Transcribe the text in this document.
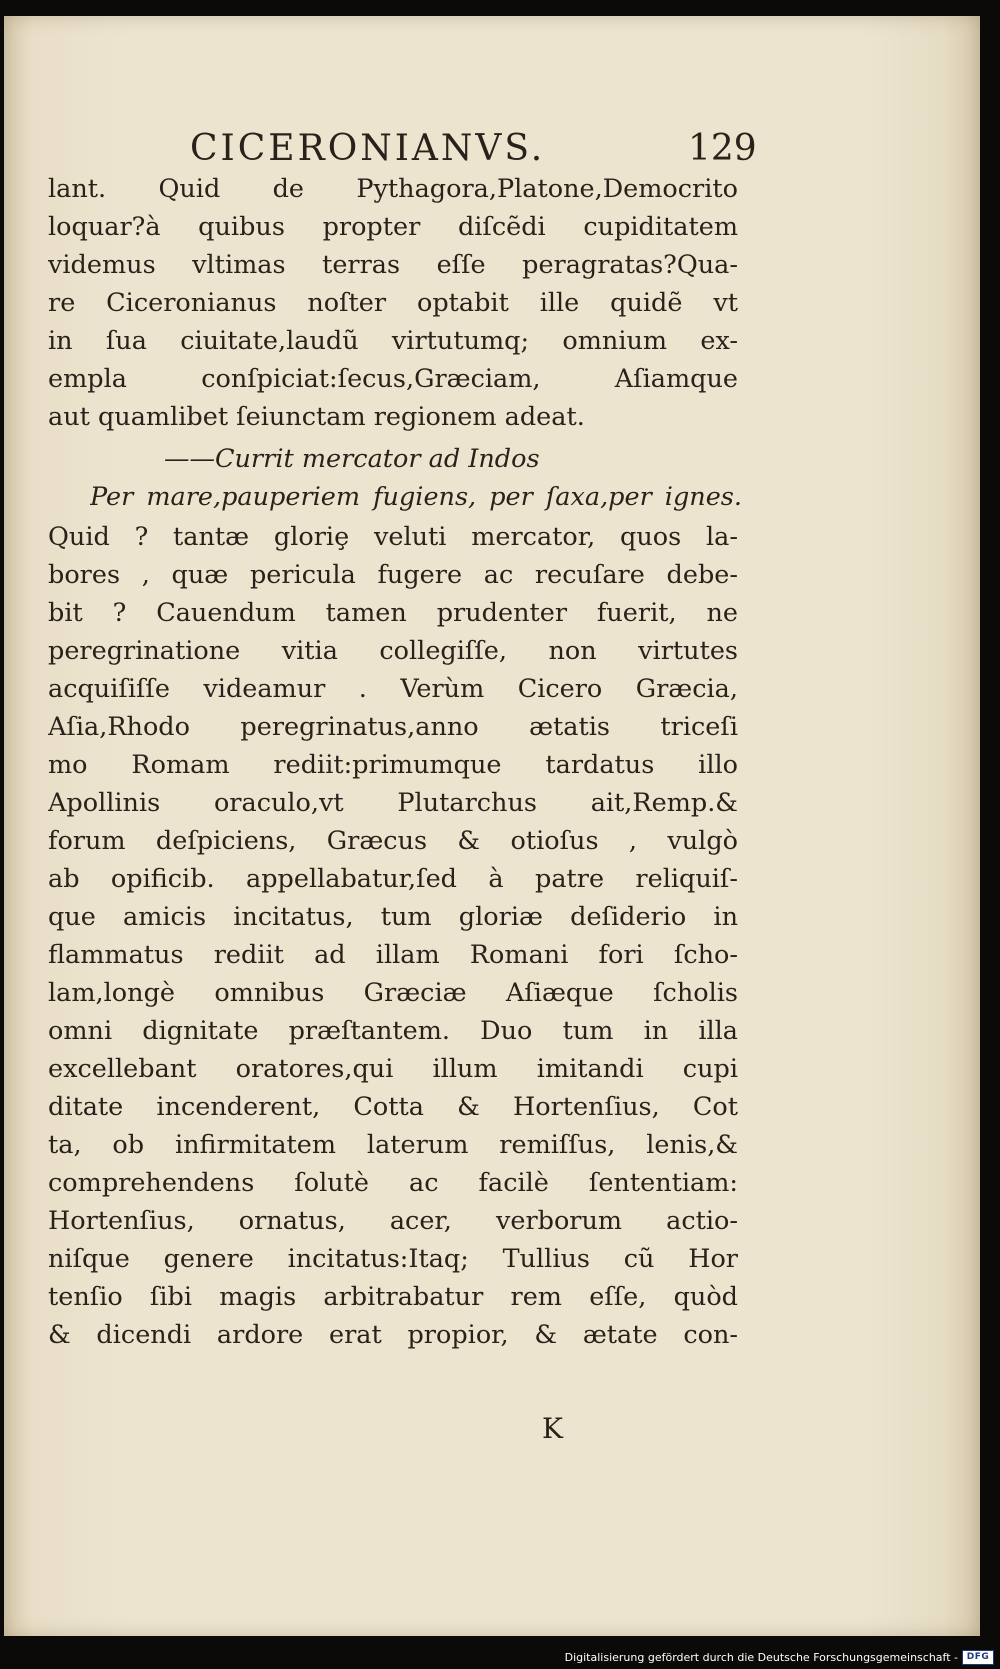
CICERONIANVS.	129
lant. Quid de Pythagora,Platone,Democrito
loquar?à quibus propter diſcẽdi cupiditatem
videmus vltimas terras eſſe peragratas?Qua-
re Ciceronianus noſter optabit ille quidẽ vt
in ſua ciuitate,laudũ virtutumq; omnium ex-
empla conſpiciat:ſecus,Græciam, Aſiamque
aut quamlibet ſeiunctam regionem adeat.
——Currit mercator ad Indos
Per mare,pauperiem fugiens, per ſaxa,per ignes.
Quid ? tantæ gloriȩ veluti mercator, quos la-
bores , quæ pericula fugere ac recuſare debe-
bit ? Cauendum tamen prudenter fuerit, ne
peregrinatione vitia collegiſſe, non virtutes
acquiſiſſe videamur . Verùm Cicero Græcia,
Aſia,Rhodo peregrinatus,anno ætatis triceſi
mo Romam rediit:primumque tardatus illo
Apollinis oraculo,vt Plutarchus ait,Remp.&
forum deſpiciens, Græcus & otioſus , vulgò
ab opificib. appellabatur,ſed à patre reliquiſ-
que amicis incitatus, tum gloriæ deſiderio in
flammatus rediit ad illam Romani fori ſcho-
lam,longè omnibus Græciæ Aſiæque ſcholis
omni dignitate præſtantem. Duo tum in illa
excellebant oratores,qui illum imitandi cupi
ditate incenderent, Cotta & Hortenſius, Cot
ta, ob infirmitatem laterum remiſſus, lenis,&
comprehendens ſolutè ac facilè ſententiam:
Hortenſius, ornatus, acer, verborum actio-
niſque genere incitatus:Itaq; Tullius cũ Hor
tenſio ſibi magis arbitrabatur rem eſſe, quòd
& dicendi ardore erat propior, & ætate con-
K
Digitalisierung gefördert durch die Deutsche Forschungsgemeinschaft - DFG
